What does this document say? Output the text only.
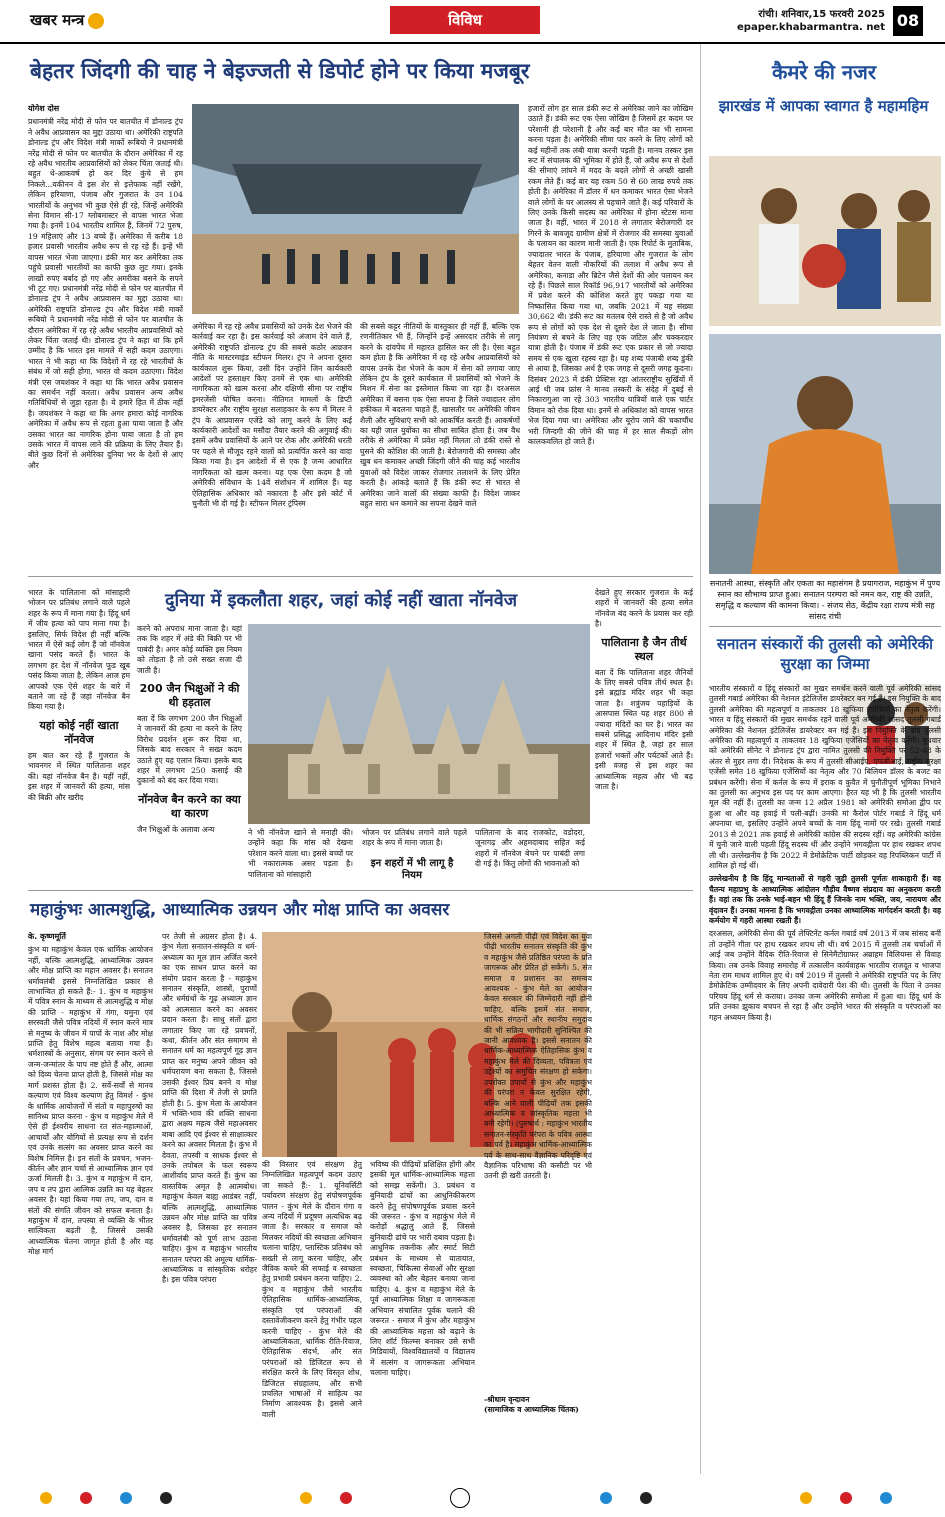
खबर मन्त्र	विविध	रांची। शनिवार,15 फरवरी 2025
epaper.khabarmantra. net 08
बेहतर जिंदगी की चाह ने बेइज्जती से डिपोर्ट होने पर किया मजबूर
योगेश दोस
प्रधानमंत्री नरेंद्र मोदी से फोन पर बातचीत में डोनाल्ड ट्रंप ने अवैध आप्रवासन का मुद्दा उठाया था। अमेरिकी राष्ट्रपति डोनाल्ड ट्रंप और विदेश मंत्री मार्को रूबियो ने प्रधानमंत्री नरेंद्र मोदी से फोन पर बातचीत के दौरान अमेरिका में रह रहे अवैध भारतीय आप्रवासियों को लेकर चिंता जताई थी। बहुत थे-आकवर्ष हो कर दिर कुंचे से हम निकले...यकीनन वे इस शेर से इत्तेफाक नहीं रखेंगे, लेकिन हरियाणा, पंजाब और गुजरात के उन 104 भारतीयों के अनुभव भी कुछ ऐसे ही रहे, जिन्हें अमेरिकी सेना विमान सी-17 ग्लोबमास्टर से वापस भारत भेजा गया है। इनमें 104 भारतीय शामिल हैं, जिनमें 72 पुरुष, 19 महिलाएं और 13 बच्चे हैं। अमेरिका में करीब 18 हजार प्रवासी भारतीय अवैध रूप से रह रहे हैं। इन्हें भी वापस भारत भेजा जाएगा। डंकी मार कर अमेरिका तक पहुंचे प्रवासी भारतीयों का काफी कुछ लुट गया। इनके लाखों रुपए बर्बाद हो गए और अमरीका बसने के सपने भी टूट गए। प्रधानमंत्री नरेंद्र मोदी से फोन पर बातचीत में डोनाल्ड ट्रंप ने अवैध आप्रवासन का मुद्दा उठाया था। अमेरिकी राष्ट्रपति डोनाल्ड ट्रंप और विदेश मंत्री मार्को रूबियो ने प्रधानमंत्री नरेंद्र मोदी से फोन पर बातचीत के दौरान अमेरिका में रह रहे अवैध भारतीय आप्रवासियों को लेकर चिंता जताई थी। डोनाल्ड ट्रंप ने कहा था कि हमें उम्मीद है कि भारत इस मामले में सही कदम उठाएगा। भारत ने भी कहा था कि विदेशों में रह रहे भारतीयों के संबंध में जो सही होगा, भारत वो कदम उठाएगा। विदेश मंत्री एस जयशंकर ने कहा था कि भारत अवैध प्रवासन का समर्थन नहीं करता। अवैध प्रवासन अन्य अवैध गतिविधियों से जुड़ा रहता है। ये हमारे हित में ठीक नहीं है। जयशंकर ने कहा था कि अगर हमारा कोई नागरिक अमेरिका में अवैध रूप से रहता हुआ पाया जाता है और उसका भारत का नागरिक होना पाया जाता है तो हम उसके भारत में वापस लाने की प्रक्रिया के लिए तैयार हैं। बीते कुछ दिनों से अमेरिका दुनिया भर के देशों से आए और
अमेरिका में रह रहे अवैध प्रवासियों को उनके देश भेजने की कार्रवाई कर रहा है। इस कार्रवाई को अंजाम देने वाले हैं, अमेरिकी राष्ट्रपति डोनाल्ड ट्रंप की सबसे कठोर आव्रजन नीति के मास्टरमाइंड स्टीफन मिलर। ट्रंप ने अपना दूसरा कार्यकाल शुरू किया, उसी दिन उन्होंने जिन कार्यकारी आदेशों पर हस्ताक्षर किए उनमें से एक था। अमेरिकी नागरिकता को खत्म करना और दक्षिणी सीमा पर राष्ट्रीय इमरजेंसी घोषित करना। नीतिगत मामलों के डिप्टी डायरेक्टर और राष्ट्रीय सुरक्षा सलाहकार के रूप में मिलर ने ट्रंप के आप्रवासन एजेंडे को लागू करने के लिए कई कार्यकारी आदेशों का मसौदा तैयार करने की अगुवाई की। इसमें अवैध प्रवासियों के आने पर रोक और अमेरिकी धरती पर पहले से मौजूद रहने वालों को प्रत्यर्पित करने का वादा किया गया है। इन आदेशों में से एक है जन्म आधारित नागरिकता को खत्म करना। यह एक ऐसा कदम है जो अमेरिकी संविधान के 14वें संशोधन में शामिल हैं। यह ऐतिहासिक अधिकार को नकारता है और इसे कोर्ट में चुनौती भी दी गई है। स्टीफन मिलर ट्रंपिस्म
की सबसे कट्टर नीतियों के वास्तुकार ही नहीं हैं, बल्कि एक रणनीतिकार भी हैं, जिन्होंने इन्हें असरदार तरीके से लागू करने के दांवपेंच में महारत हासिल कर ली है। ऐसा बहुत कम होता है कि अमेरिका में रह रहे अवैध आप्रवासियों को वापस उनके देश भेजने के काम में सेना को लगाया जाए लेकिन ट्रंप के दूसरे कार्यकाल में प्रवासियों को भेजने के मिशन में सेना का इस्तेमाल किया जा रहा है। दरअसल अमेरिका में बसना एक ऐसा सपना है जिसे ज्यादातर लोग हकीकत में बदलना चाहते हैं, खासतौर पर अमेरिकी जीवन शैली और सुविधाएं सभी को आकर्षित करती हैं। आकर्षणों का यही जाल युवोंका का सीधा साबित होता है। जब वैध तरीके से अमेरिका में प्रवेश नहीं मिलता तो डंकी रास्ते से घुसने की कोशिश की जाती है। बेरोजगारी की समस्या और खुब धन कमाकर अच्छी जिंदगी जीने की चाह कई भारतीय युवाओं को विदेश जाकर रोजगार तलाशने के लिए प्रेरित करती है। आंकड़े बताते हैं कि डंकी रूट से भारत से अमेरिका जाने वालों की संख्या काफी है। विदेश जाकर बहुत सारा धन कमाने का सपना देखने वाले
हजारों लोग हर साल डंकी रूट से अमेरिका जाने का जोखिम उठाते हैं। डंकी रूट एक ऐसा जोखिम है जिसमें हर कदम पर परेशानी ही परेशानी है और कई बार मौत का भी सामना करना पड़ता है। अमेरिकी सीमा पार करने के लिए लोगों को कई महीनों तक लंबी यात्रा करनी पड़ती है। मानव तस्कर इस रूट में संचालक की भूमिका में होते हैं, जो अवैध रूप से देशों की सीमाएं लांघने में मदद के बदले लोगों से अच्छी खासी रकम लेते हैं। कई बार यह रकम 50 से 60 लाख रुपये तक होती है। अमेरिका में डॉलर में धन कमाकर भारत ऐसा भेजने वाले लोगों के घर आलस्य से पहचाने जाते हैं। कई परिवारों के लिए उनके किसी सदस्य का अमेरिका में होना स्टेटस माना जाता है। वहीं, भारत में 2018 से लगातार बेरोजगारी दर गिरने के बावजूद ग्रामीण क्षेत्रों में रोजगार की समस्या युवाओं के पलायन का कारण मानी जाती है। एक रिपोर्ट के मुताबिक, ज्यादातर भारत के पंजाब, हरियाणा और गुजरात के लोग बेहतर वेतन वाली नौकरियों की तलाश में अवैध रूप से अमेरिका, कनाडा और ब्रिटेन जैसे देशों की ओर पलायन कर रहे हैं। पिछले साल रिकॉर्ड 96,917 भारतीयों को अमेरिका में प्रवेश करने की कोशिश करते हुए पकड़ा गया या निष्कासित किया गया था, जबकि 2021 में यह संख्या 30,662 थी। डंकी रूट का मतलब ऐसे रास्ते से है जो अवैध रूप से लोगों को एक देश से दूसरे देश ले जाता है। सीमा नियंत्रण से बचने के लिए वह एक जटिल और चक्करदार यात्रा होती है। पंजाब में डंकी रूट एक प्रकार से जो ज्यादा समय से एक खुला रहस्य रहा है। यह शब्द पंजाबी शब्द डुंकी से आया है, जिसका अर्थ है एक जगह से दूसरी जगह कूदना। दिसंबर 2023 में डंकी प्रेक्टिस रहा आंतरराष्ट्रीय सुर्खियों में आई थी जब फ्रांस ने मानव तस्करी के संदेह में दुबई से निकारागुआ जा रहे 303 भारतीय यात्रियों वाले एक चार्टर विमान को रोक दिया था। इनमें से अधिकांश को वापस भारत भेज दिया गया था। अमेरिका और यूरोप जाने की चकाचौंध भरी जिन्दगी की जीने की चाह में हर साल सैकड़ों लोग कालकवलित हो जाते हैं।
भारत के पालिताना को मांसाहारी भोजन पर प्रतिबंध लगाने वाले पहले शहर के रूप में माना गया है। हिंदू धर्म में जीव हत्या को पाप माना गया है। इसलिए, सिर्फ विदेश ही नहीं बल्कि भारत में ऐसे कई लोग हैं जो नॉनवेज खाना पसंद करते हैं। भारत के लगभग हर देश में नॉनवेज फूड खूब पसंद किया जाता है, लेकिन आज हम आपको एक ऐसे शहर के बारे में बताने जा रहे हैं जहां नॉनवेज बैन किया गया है।
यहां कोई नहीं खाता नॉनवेज
हम बात कर रहे हैं गुजरात के भावनगर में स्थित पालिताना शहर की। यहां नॉनवेज बैन है। यहीं नहीं, इस शहर में जानवरों की हत्या, मांस की बिक्री और खरीद
दुनिया में इकलौता शहर, जहां कोई नहीं खाता नॉनवेज
करने को अपराध माना जाता है। यहां तक कि शहर में अंडे की बिक्री पर भी पाबंदी है। अगर कोई व्यक्ति इस नियम को तोड़ता है तो उसे सख्त सजा दी जाती है।
200 जैन भिक्षुओं ने की थी हड़ताल
बता दें कि लगभग 200 जैन भिक्षुओं ने जानवरों की हत्या ना करने के लिए विरोध प्रदर्शन शुरू कर दिया था, जिसके बाद सरकार ने सख्त कदम उठाते हुए यह एलान किया। इसके बाद शहर में लगभग 250 कसाई की दुकानों को बंद कर दिया गया।
नॉनवेज बैन करने का क्या था कारण
जैन भिक्षुओं के अलावा अन्य	ने भी नॉनवेज खाने से मनाही की। उन्होंने कहा कि मांस को देखना परेशान करने वाला था। इससे बच्चों पर भी नकारात्मक असर पड़ता है। पालिताना को मांसाहारी
भोजन पर प्रतिबंध लगाने वाले पहले शहर के रूप में माना जाता है।
इन शहरों में भी लागू है नियम
पालिताना के बाद राजकोट, वडोदरा, जूनागढ़ और अहमदाबाद सहित कई शहरों में नॉनवेज बेचने पर पाबंदी लगा दी गई है। किंतु लोगों की भावनाओं को
देखते हुए सरकार गुजरात के कई शहरों में जानवरों की हत्या समेत नॉनवेज बंद करने के प्रयास कर रही है।
पालिताना है जैन तीर्थ स्थल
बता दें कि पालिताना शहर जैनियों के लिए सबसे पवित्र तीर्थ स्थल है। इसे ब्रह्मांड मंदिर शहर भी कहा जाता है। शत्रुंजय पहाड़ियों के आसपास स्थित यह शहर 800 से ज्यादा मंदिरों का घर है। भारत का सबसे प्रसिद्ध आदिनाथ मंदिर इसी शहर में स्थित है, जहां हर साल हजारों भक्तों और पर्यटकों आते हैं। इसी वजह से इस शहर का आध्यात्मिक महत्व और भी बढ़ जाता है।
महाकुंभः आत्मशुद्धि, आध्यात्मिक उन्नयन और मोक्ष प्राप्ति का अवसर
के. कृष्णमूर्ति
कुंभ या महाकुंभ केवल एक धार्मिक आयोजन नहीं, बल्कि आत्मशुद्धि, आध्यात्मिक उन्नयन और मोक्ष प्राप्ति का महान अवसर है। सनातन धर्मावलंबी इससे निम्नलिखित प्रकार से लाभान्वित हो सकते हैं:- 1. कुंभ व महाकुंभ में पवित्र स्नान के माध्यम से आत्मशुद्धि व मोक्ष की प्राप्ति - महाकुंभ में गंगा, यमुना एवं सरस्वती जैसे पवित्र नदियों में स्नान करने मात्र से मनुष्य के जीवन में पापों के नाश और मोक्ष प्राप्ति हेतु विशेष महत्व बताया गया है। धर्मशास्त्रों के अनुसार, संगम पर स्नान करने से जन्म-जन्मांतर के पाप नष्ट होते हैं और, आत्मा को दिव्य चेतना प्राप्त होती है, जिससे मोक्ष का मार्ग प्रशस्त होता है। 2. सर्वे-सर्वों से मानव कल्याण एवं विश्व कल्याण हेतु विमर्श - कुंभ के धार्मिक आयोजनों में संतों व महापुरुषों का सानिध्य प्राप्त करना - कुंभ व महाकुंभ मेले में ऐसे ही ईश्वरीय साधना रत संत-महात्माओं, आचार्यों और योगियों से प्रत्यक्ष रूप से दर्शन एवं उनके सत्संग का अवसर प्राप्त करने का विशेष निमित्त है। इन संतों के प्रवचन, भजन-कीर्तन और ज्ञान चर्चा से आध्यात्मिक ज्ञान एवं ऊर्जा मिलती है। 3. कुंभ व महाकुंभ में दान, जप व तप द्वारा आत्मिक उन्नति का यह बेहतर अवसर है। यहां किया गया तप, जप, दान व संतों की संगति जीवन को सफल बनाता है। महाकुंभ में दान, तपस्या से व्यक्ति के भीतर सात्विकता बढ़ती है, जिससे उसकी आध्यात्मिक चेतना जागृत होती है और वह मोक्ष मार्ग
पर तेजी से अग्रसर होता है। 4. कुंभ मेला सनातन-संस्कृति व धर्म-अध्यात्म का मूल ज्ञान अर्जित करने का एक साधन प्राप्त करने का संयोग प्रदान करता है - महाकुंभ सनातन संस्कृति, शास्त्रों, पुराणों और धर्मग्रंथों के गूढ़ अध्यात्म ज्ञान को आत्मसात करने का अवसर प्रदान करता है। साधु संतों द्वारा लगातार किए जा रहे प्रवचनों, कथा, कीर्तन और संत समागम से सनातन धर्म का महत्वपूर्ण गूढ़ ज्ञान प्राप्त कर मनुष्य अपने जीवन को धर्मपरायण बना सकता है, जिससे उसकी ईश्वर प्रिय बनने व मोक्ष प्राप्ति की दिशा में तेजी से प्रगति होती है। 5. कुंभ मेला के आयोजन में भक्ति-भाव की शक्ति साधना द्वारा अक्षय महत्व जैसे महाअवसर बाबा आदि एवं ईश्वर से साक्षात्कार करने का अवसर मिलता है। कुंभ में देवता, तपस्वी व साधक ईश्वर से उनके तपोबल के फल स्वरूप आशीर्वाद प्राप्त करते हैं। कुंभ का वास्तविक अमृत है आत्मबोध। महाकुंभ केवल बाह्य आडंबर नहीं, बल्कि आत्मशुद्धि, आध्यात्मिक उन्नयन और मोक्ष प्राप्ति का पवित्र अवसर है, जिसका हर सनातन धर्मावलंबी को पूर्ण लाभ उठाना चाहिए। कुंभ व महाकुंभ भारतीय सनातन परंपरा की अमूल्य धार्मिक-आध्यात्मिक व सांस्कृतिक धरोहर है। इस पवित्र परंपरा
की विस्तार एवं संरक्षण हेतु निम्नलिखित महत्वपूर्ण कदम उठाए जा सकते हैं:- 1. यूनिवर्सिटी पर्यावरण संरक्षण हेतु संपोषणपूर्वक पालन - कुंभ मेले के दौरान गंगा व अन्य नदियों में प्रदूषण अत्यधिक बढ़ जाता है। सरकार व समाज को मिलकर नदियों की स्वच्छता अभियान चलाना चाहिए, प्लास्टिक प्रतिबंध को सख्ती से लागू करना चाहिए, और जैविक कचरे की सफाई व स्वच्छता हेतु प्रभावी प्रबंधन करना चाहिए। 2. कुंभ व महाकुंभ जैसे भारतीय ऐतिहासिक धार्मिक-आध्यात्मिक, संस्कृति एवं परंपराओं की दस्तावेजीकरण करने हेतु गंभीर पहल करनी चाहिए - कुंभ मेले की आध्यात्मिकता, धार्मिक रीति-रिवाज, ऐतिहासिक संदर्भ, और संत परंपराओं को डिजिटल रूप से संरक्षित करने के लिए विस्तृत शोध, डिजिटल संग्रहालय, और सभी प्रचलित भाषाओं में साहित्य का निर्माण आवश्यक है। इससे आने वाली
भविष्य की पीढ़ियों प्रशिक्षित होंगी और इसकी मूल धार्मिक-आध्यात्मिक महत्ता को समझ सकेंगी। 3. प्रबंधन व बुनियादी ढांचों का आधुनिकीकरण करने हेतु संपोषणपूर्वक प्रयास करने की जरूरत - कुंभ व महाकुंभ मेले में करोड़ों श्रद्धालु आते हैं, जिससे बुनियादी ढांचे पर भारी दबाव पड़ता है। आधुनिक तकनीक और स्मार्ट सिटी प्रबंधन के माध्यम से यातायात, स्वच्छता, चिकित्सा सेवाओं और सुरक्षा व्यवस्था को और बेहतर बनाया जाना चाहिए। 4. कुंभ व महाकुंभ मेले के पूर्व आध्यात्मिक शिक्षा व जागरूकता अभियान संचालित पूर्वक चलाने की जरूरत - समाज में कुंभ और महाकुंभ की आध्यात्मिक महत्ता को बढ़ाने के लिए शॉर्ट फिल्म्स बनाकर उसे सभी मिडियायों, विश्वविद्यालयों व विद्यालय में सत्संग व जागरूकता अभियान चलाना चाहिए।
जिससे अगली पीढ़ी एवं विदेश का युवा पीढ़ी भारतीय सनातन संस्कृति की कुंभ व महाकुंभ जैसे प्रतिष्ठित परंपरा के प्रति जागरूक और प्रेरित हो सकेंगे। 5. संत समाज व प्रशासन का समन्वय आवश्यक - कुंभ मेले का आयोजन केवल सरकार की जिम्मेदारी नहीं होनी चाहिए, बल्कि इसमें संत समाज, धार्मिक संगठनों और स्थानीय समुदाय की भी सक्रिय भागीदारी सुनिश्चित की जानी आवश्यक है। इससे सनातन की धार्मिक-आध्यात्मिक ऐतिहासिक कुंभ व महाकुंभ मेले की दिव्यता, पवित्रता एवं उद्देश्यों का समुचित संरक्षण हो सकेगा। उपरोक्त उपायों से कुंभ और महाकुंभ की परंपरा न केवल सुरक्षित रहेगी, बल्कि आने वाली पीढ़ियों तक इसकी आध्यात्मिक व सांस्कृतिक महत्ता भी बनी रहेगी। (पुरुषार्थ : महाकुंभ भारतीय सनातन-संस्कृति परंपरा के पवित्र आस्था का पर्व है। महाकुंभ धार्मिक-आध्यात्मिक पर्व के साथ-साथ वैज्ञानिक परिदृष्टि एवं वैज्ञानिक परिभाषा की कसौटी पर भी उतनी ही खरी उतरती है।
-श्रीधाम वृन्दावन
(सामाजिक व आध्यात्मिक चिंतक)
कैमरे की नजर
झारखंड में आपका स्वागत है महामहिम
सनातनी आस्था, संस्कृति और एकता का महासंगम है प्रयागराज, महाकुंभ में पुण्य स्नान का सौभाग्य प्राप्त हुआ। सनातन परम्परा को नमन कर, राष्ट्र की उन्नति, समृद्धि व कल्याण की कामना किया। - संजय सेठ, केंद्रीय रक्षा राज्य मंत्री सह सांसद रांची
सनातन संस्कारों की तुलसी को अमेरिकी सुरक्षा का जिम्मा
भारतीय संस्कारों व हिंदू संस्कारों का मुखर समर्थन करने वाली पूर्व अमेरिकी सांसद तुलसी गबार्ड अमेरिका की नेशनल इंटेलिजेंस डायरेक्टर बन गई हैं। इस नियुक्ति के बाद तुलसी अमेरिका की महत्वपूर्ण व ताकतवर 18 खुफिया एजेंसियों का नेतृत्व करेंगी। भारत व हिंदू संस्कारों की मुखर समर्थक रहने वाली पूर्व अमेरिकी सांसद तुलसी गबार्ड अमेरिका की नेशनल इंटेलिजेंस डायरेक्टर बन गई हैं। इस नियुक्ति के बाद तुलसी अमेरिका की महत्वपूर्ण व ताकतवर 18 खुफिया एजेंसियों का नेतृत्व करेंगी। बुधवार को अमेरिकी सीनेट ने डोनाल्ड ट्रंप द्वारा नामित तुलसी की नियुक्ति पर 52-48 के अंतर से मुहर लगा दी। निदेशक के रूप में तुलसी सीआईए, एफबीआई, राष्ट्रीय सुरक्षा एजेंसी समेत 18 खुफिया एजेंसियों का नेतृत्व और 70 बिलियन डॉलर के बजट का प्रबंधन करेंगी। सेना में कर्नल के रूप में इराक व कुवैत में चुनौतीपूर्ण भूमिका निभाने का तुलसी का अनुभव इस पद पर काम आएगा। हैरत यह भी है कि तुलसी भारतीय मूल की नहीं हैं। तुलसी का जन्म 12 अप्रैल 1981 को अमेरिकी समोआ द्वीप पर हुआ था और वह हवाई में पली-बढ़ीं। उनकी मां कैरोल पोर्टर गबार्ड ने हिंदू धर्म अपनाया था, इसलिए उन्होंने अपने बच्चों के नाम हिंदू नामों पर रखे। तुलसी गबार्ड 2013 से 2021 तक हवाई से अमेरिकी कांग्रेस की सदस्य रहीं। वह अमेरिकी कांग्रेस में चुनी जाने वाली पहली हिंदू सदस्य थीं और उन्होंने भगवद्गीता पर हाथ रखकर शपथ ली थी। उल्लेखनीय है कि 2022 में डेमोक्रेटिक पार्टी छोड़कर वह रिपब्लिकन पार्टी में शामिल हो गई थीं।
उल्लेखनीय है कि हिंदू मान्यताओं से गहरी जुड़ी तुलसी पूर्णतः शाकाहारी हैं। वह चैतन्य महाप्रभु के आध्यात्मिक आंदोलन गौड़ीय वैष्णव संप्रदाय का अनुकरण करती हैं। वहां तक कि उनके भाई-बहन भी हिंदू हैं जिनके नाम भक्ति, जय, नारायण और वृंदावन हैं। उनका मानना है कि भगवद्गीता उनका आध्यात्मिक मार्गदर्शन करती है। वह कर्मयोग में गहरी आस्था रखती हैं।
दरअसल, अमेरिकी सेना की पूर्व लेफ्टिनेंट कर्नल गबार्ड वर्ष 2013 में जब सांसद बनीं तो उन्होंने गीता पर हाथ रखकर शपथ ली थी। वर्ष 2015 में तुलसी तब चर्चाओं में आईं जब उन्होंने वैदिक रीति-रिवाज से सिनेमैटोग्राफर अब्राहम विलियम्स से विवाह किया। तब उनके विवाह समारोह में तत्कालीन कार्यवाहक भारतीय राजदूत व भाजपा नेता राम माधव शामिल हुए थे। वर्ष 2019 में तुलसी ने अमेरिकी राष्ट्रपति पद के लिए डेमोक्रेटिक उम्मीदवार के लिए अपनी दावेदारी पेश की थी। तुलसी के पिता ने उनका परिचय हिंदू धर्म से कराया। उनका जन्म अमेरिकी समोआ में हुआ था। हिंदू धर्म के प्रति उनका झुकाव बचपन से रहा है और उन्होंने भारत की संस्कृति व परंपराओं का गहन अध्ययन किया है।
